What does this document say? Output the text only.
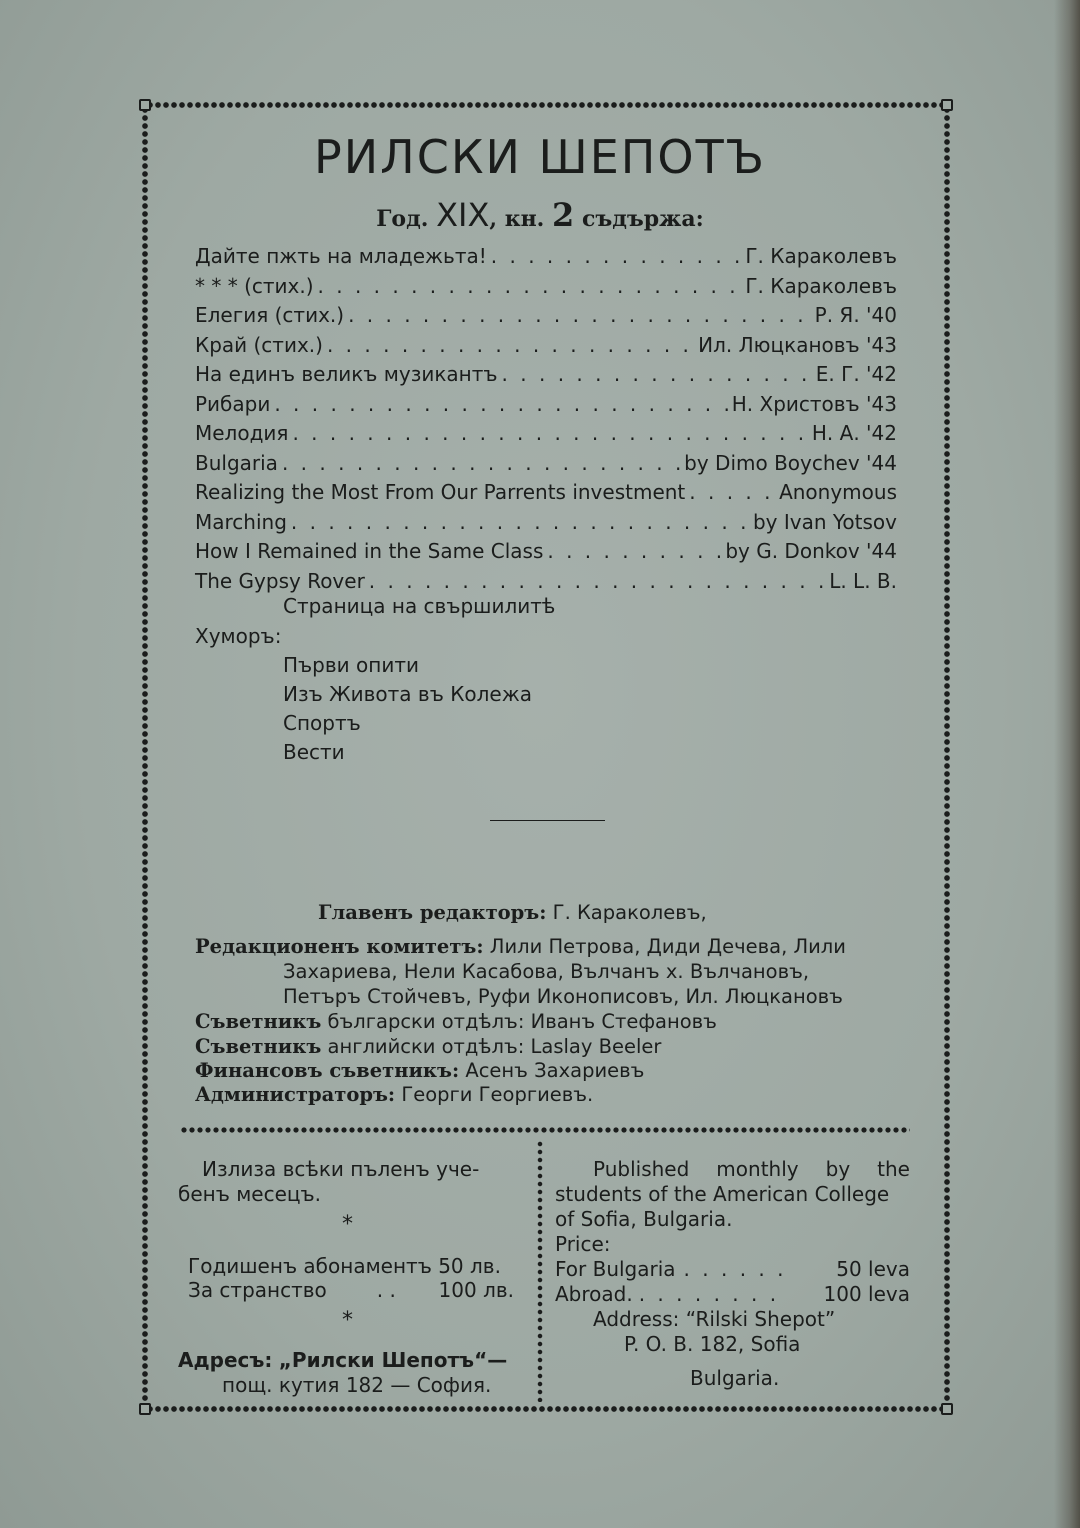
РИЛСКИ ШЕПОТЪ
Год. XIX, кн. 2 съдържа:
Дайте пжть на младежьта! . . .	Г. Караколевъ
* * * (стих.) . . .	Г. Караколевъ
Елегия (стих.) . . .	Р. Я. '40
Край (стих.) . . .	Ил. Люцкановъ '43
На единъ великъ музикантъ . . .	Е. Г. '42
Рибари . . .	Н. Христовъ '43
Мелодия . . .	Н. А. '42
Bulgaria . . .	by Dimo Boychev '44
Realizing the Most From Our Parrents investment . . .	Anonymous
Marching . . .	by Ivan Yotsov
How I Remained in the Same Class . . .	by G. Donkov '44
The Gypsy Rover . . .	L. L. B.
Страница на свършилитѣ
Хуморъ:
Първи опити
Изъ Живота въ Колежа
Спортъ
Вести
Главенъ редакторъ: Г. Караколевъ,
Редакционенъ комитетъ: Лили Петрова, Диди Дечева, Лили
Захариева, Нели Касабова, Вълчанъ х. Вълчановъ,
Петъръ Стойчевъ, Руфи Иконописовъ, Ил. Люцкановъ
Съветникъ български отдѣлъ: Иванъ Стефановъ
Съветникъ английски отдѣлъ: Laslay Beeler
Финансовъ съветникъ: Асенъ Захариевъ
Администраторъ: Георги Георгиевъ.
Излиза всѣки пъленъ уче-
бенъ месецъ.
*
Годишенъ абонаментъ 50 лв.
За странство	. . 100 лв.
*
Адресъ: „Рилски Шепотъ“—
пощ. кутия 182 — София.
Published monthly by the
students of the American College
of Sofia, Bulgaria.
Price:
For Bulgaria . . . . . . 50 leva
Abroad. . . . . . . . . 100 leva
Address: “Rilski Shepot”
P. O. B. 182, Sofia
Bulgaria.
